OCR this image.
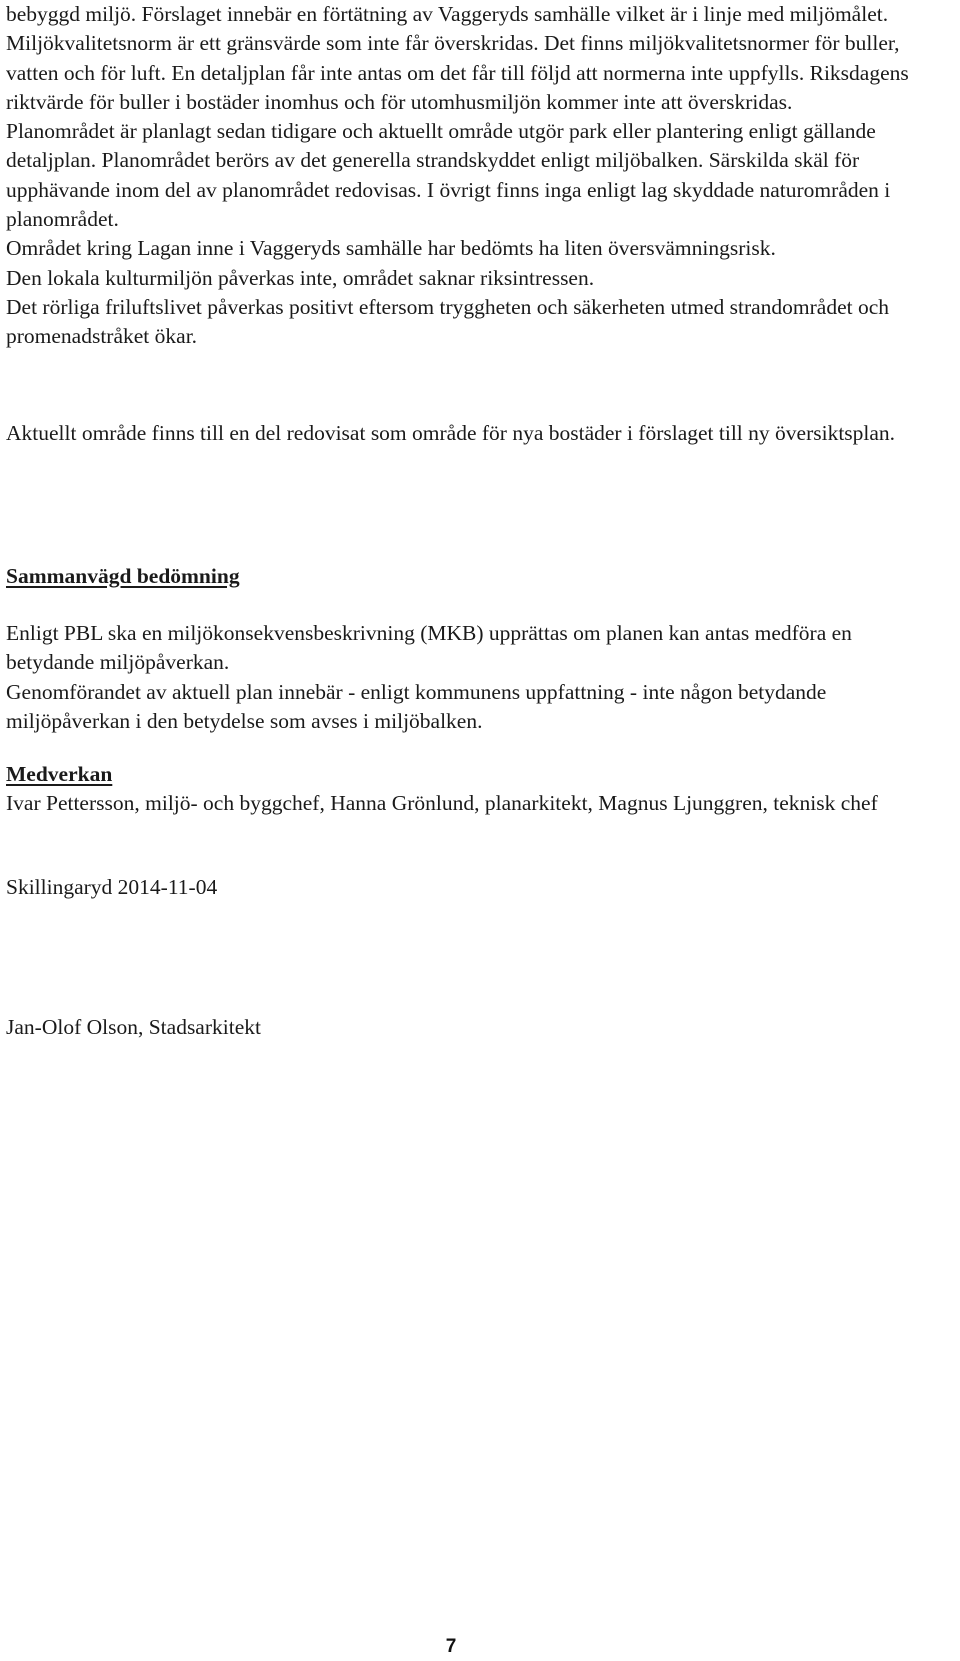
bebyggd miljö. Förslaget innebär en förtätning av Vaggeryds samhälle vilket är i linje med miljömålet.

Miljökvalitetsnorm är ett gränsvärde som inte får överskridas. Det finns miljökvalitetsnormer för buller, vatten och för luft. En detaljplan får inte antas om det får till följd att normerna inte uppfylls. Riksdagens riktvärde för buller i bostäder inomhus och för utomhusmiljön kommer inte att överskridas.

Planområdet är planlagt sedan tidigare och aktuellt område utgör park eller plantering enligt gällande detaljplan. Planområdet berörs av det generella strandskyddet enligt miljöbalken. Särskilda skäl för upphävande inom del av planområdet redovisas. I övrigt finns inga enligt lag skyddade naturområden i planområdet.

Området kring Lagan inne i Vaggeryds samhälle har bedömts ha liten översvämningsrisk.

Den lokala kulturmiljön påverkas inte, området saknar riksintressen.

Det rörliga friluftslivet påverkas positivt eftersom tryggheten och säkerheten utmed strandområdet och promenadstråket ökar.

Aktuellt område finns till en del redovisat som område för nya bostäder i förslaget till ny översiktsplan.

Sammanvägd bedömning

Enligt PBL ska en miljökonsekvensbeskrivning (MKB) upprättas om planen kan antas medföra en betydande miljöpåverkan.

Genomförandet av aktuell plan innebär - enligt kommunens uppfattning - inte någon betydande miljöpåverkan i den betydelse som avses i miljöbalken.

Medverkan

Ivar Pettersson, miljö- och byggchef, Hanna Grönlund, planarkitekt, Magnus Ljunggren, teknisk chef

Skillingaryd 2014-11-04

Jan-Olof Olson, Stadsarkitekt

7
